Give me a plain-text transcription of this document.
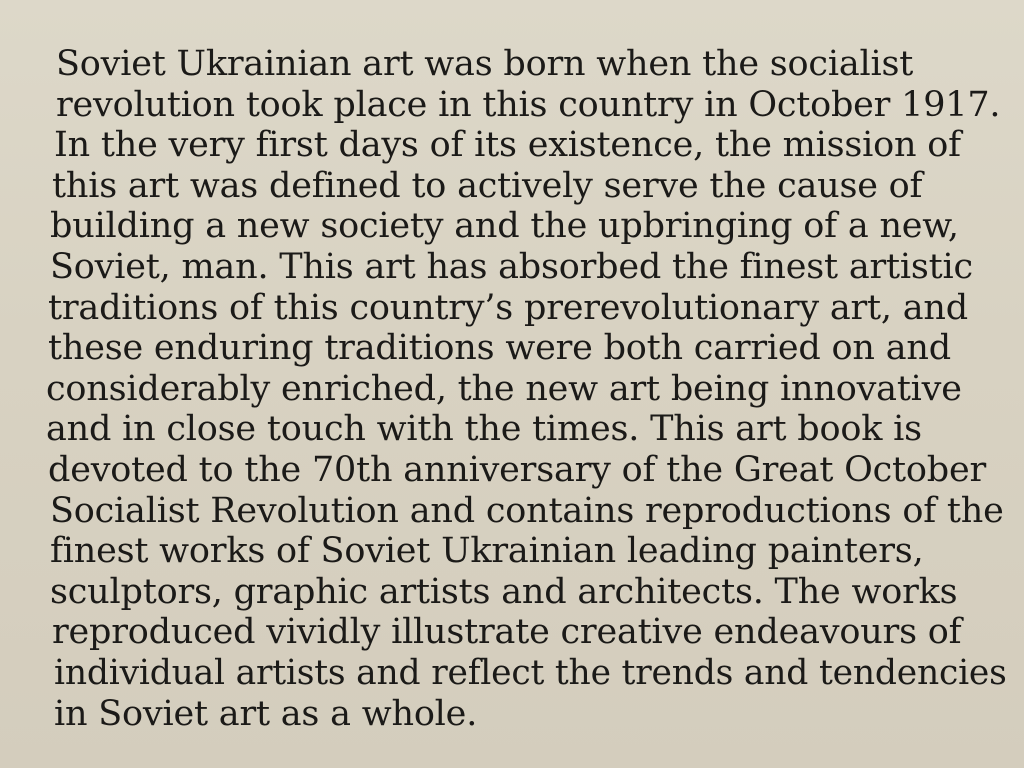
Soviet Ukrainian art was born when the socialist
revolution took place in this country in October 1917.
In the very first days of its existence, the mission of
this art was defined to actively serve the cause of
building a new society and the upbringing of a new,
Soviet, man. This art has absorbed the finest artistic
traditions of this country’s prerevolutionary art, and
these enduring traditions were both carried on and
considerably enriched, the new art being innovative
and in close touch with the times. This art book is
devoted to the 70th anniversary of the Great October
Socialist Revolution and contains reproductions of the
finest works of Soviet Ukrainian leading painters,
sculptors, graphic artists and architects. The works
reproduced vividly illustrate creative endeavours of
individual artists and reflect the trends and tendencies
in Soviet art as a whole.
